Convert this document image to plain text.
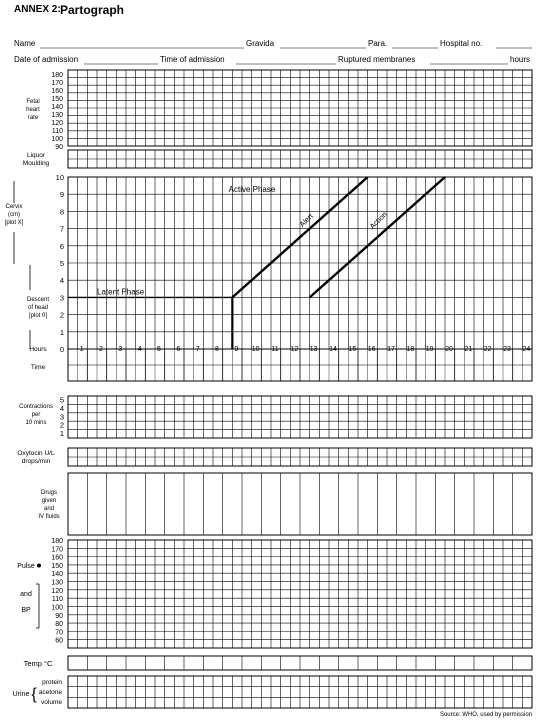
ANNEX 2: Partograph
Name	Gravida	Para.	Hospital no.
Date of admission	Time of admission	Ruptured membranes	hours
180
170
160
150
140
130
120
110
100
90
Fetal
heart
rate
Liquor
Moulding
10
9
8
7
6
5
4
3
2
1
0
Cervix
(cm)
[plot X]
Descent
of head
[plot 0]
Hours	1 2 3 4 5 6 7 8 9 10 11 12 13 14 15 16 17 18 19 20 21 22 23 24
Time
Latent Phase
Active Phase
Alert	Action
5
4
3
2
1
Contractions
per
10 mins
Oxytocin U/L
drops/min
Drugs
given
and
IV fluids
180
170
160
150
140
130
120
110
100
90
80
70
60
Pulse
and
BP
Temp °C
Urine {
protein
acetone
volume
Source: WHO, used by permission
